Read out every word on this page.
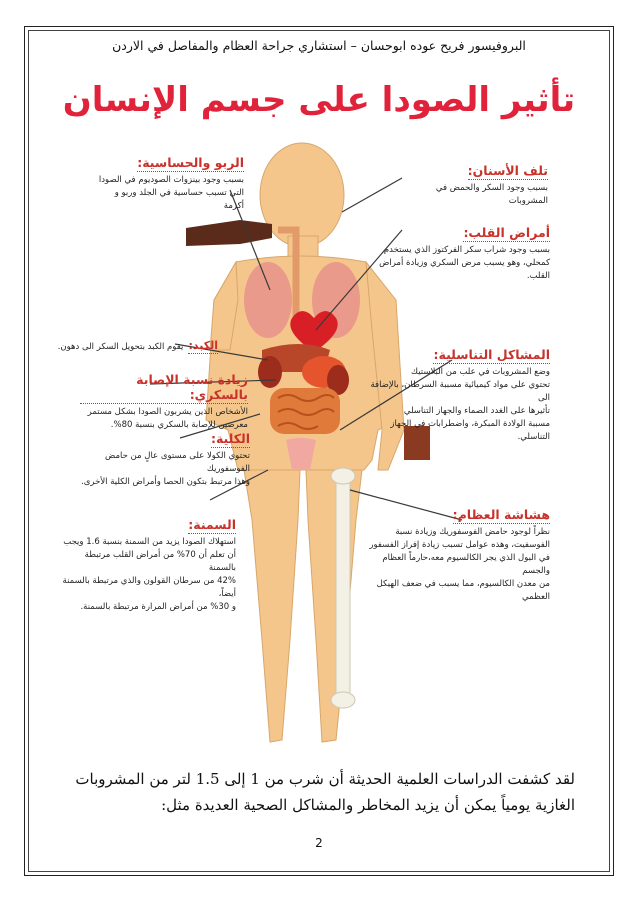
البروفيسور فريح عوده ابوحسان – استشاري جراحة العظام والمفاصل في الاردن
تأثير الصودا على جسم الإنسان
الربو والحساسية:
بسبب وجود بينزوات الصوديوم في الصودا
التي تسبب حساسية في الجلد وربو و أكزمة
الكبد: يقوم الكبد بتحويل السكر الى دهون.
زيادة نسبة الإصابة بالسكري:
الأشخاص الذين يشربون الصودا بشكل مستمر
معرضين للإصابة بالسكري بنسبة 80%.
الكلية:
تحتوي الكولا على مستوى عالٍ من حامض الفوسفوريك
وهذا مرتبط بتكون الحصا وأمراض الكلية الأخرى.
السمنة:
استهلاك الصودا يزيد من السمنة بنسبة 1.6 ويجب
أن تعلم أن 70% من أمراض القلب مرتبطة بالسمنة
42% من سرطان القولون والذي مرتبطة بالسمنة أيضاً،
و 30% من أمراض المرارة مرتبطة بالسمنة.
تلف الأسنان:
بسبب وجود السكر والحمض في المشروبات
أمراض القلب:
بسبب وجود شراب سكر الفركتوز الذي يستخدم
كمحلي، وهو يسبب مرض السكري وزيادة أمراض القلب.
المشاكل التناسلية:
وضع المشروبات في علب من البلاستيك
تحتوي على مواد كيميائية مسببة السرطان، بالإضافة الى
تأثيرها على الغدد الصماء والجهاز التناسلي
مسببة الولادة المبكرة، واضطرابات في الجهاز التناسلي.
هشاشة العظام:
نظراً لوجود حامض الفوسفوريك وزيادة نسبة
الفوسفيت، وهذه عوامل تسبب زيادة إفراز الفسفور
في البول الذي يجر الكالسيوم معه،حارماً العظام والجسم
من معدن الكالسيوم، مما يسبب في ضعف الهيكل العظمي
لقد كشفت الدراسات العلمية الحديثة أن شرب من 1 إلى 1.5 لتر من المشروبات
الغازية يومياً يمكن أن يزيد المخاطر والمشاكل الصحية العديدة مثل:
2
